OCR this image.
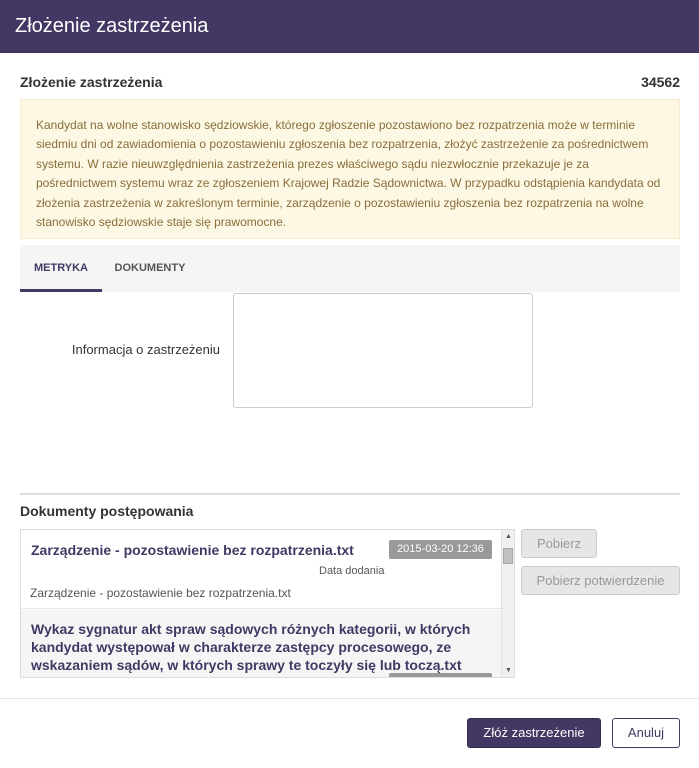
Złożenie zastrzeżenia
Złożenie zastrzeżenia	34562

Kandydat na wolne stanowisko sędziowskie, którego zgłoszenie pozostawiono bez rozpatrzenia może w terminie siedmiu dni od zawiadomienia o pozostawieniu zgłoszenia bez rozpatrzenia, złożyć zastrzeżenie za pośrednictwem systemu. W razie nieuwzględnienia zastrzeżenia prezes właściwego sądu niezwłocznie przekazuje je za pośrednictwem systemu wraz ze zgłoszeniem Krajowej Radzie Sądownictwa. W przypadku odstąpienia kandydata od złożenia zastrzeżenia w zakreślonym terminie, zarządzenie o pozostawieniu zgłoszenia bez rozpatrzenia na wolne stanowisko sędziowskie staje się prawomocne.

METRYKA	DOKUMENTY
Informacja o zastrzeżeniu
Dokumenty postępowania
Zarządzenie - pozostawienie bez rozpatrzenia.txt	2015-03-20 12:36
Data dodania
Zarządzenie - pozostawienie bez rozpatrzenia.txt
Wykaz sygnatur akt spraw sądowych różnych kategorii, w których kandydat występował w charakterze zastępcy procesowego, ze wskazaniem sądów, w których sprawy te toczyły się lub toczą.txt
▲
▼
Pobierz
Pobierz potwierdzenie
Złóż zastrzeżenie	Anuluj
